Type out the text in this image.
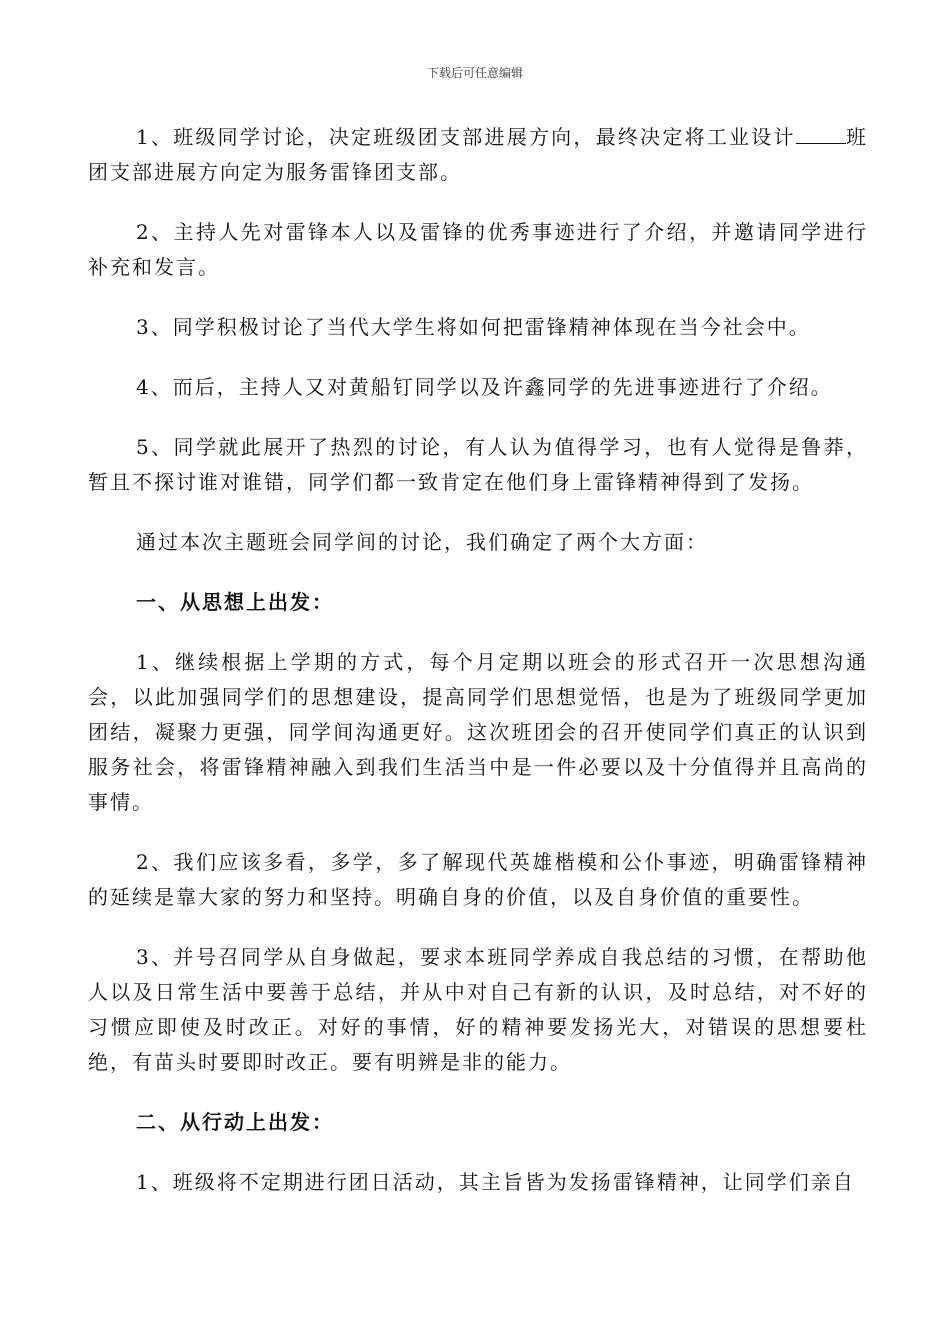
下载后可任意编辑

1、班级同学讨论，决定班级团支部进展方向，最终决定将工业设计	班团支部进展方向定为服务雷锋团支部。

2、主持人先对雷锋本人以及雷锋的优秀事迹进行了介绍，并邀请同学进行补充和发言。

3、同学积极讨论了当代大学生将如何把雷锋精神体现在当今社会中。

4、而后，主持人又对黄船钉同学以及许鑫同学的先进事迹进行了介绍。

5、同学就此展开了热烈的讨论，有人认为值得学习，也有人觉得是鲁莽，暂且不探讨谁对谁错，同学们都一致肯定在他们身上雷锋精神得到了发扬。

通过本次主题班会同学间的讨论，我们确定了两个大方面：

一、从思想上出发：

1、继续根据上学期的方式，每个月定期以班会的形式召开一次思想沟通会，以此加强同学们的思想建设，提高同学们思想觉悟，也是为了班级同学更加团结，凝聚力更强，同学间沟通更好。这次班团会的召开使同学们真正的认识到服务社会，将雷锋精神融入到我们生活当中是一件必要以及十分值得并且高尚的事情。

2、我们应该多看，多学，多了解现代英雄楷模和公仆事迹，明确雷锋精神的延续是靠大家的努力和坚持。明确自身的价值，以及自身价值的重要性。

3、并号召同学从自身做起，要求本班同学养成自我总结的习惯，在帮助他人以及日常生活中要善于总结，并从中对自己有新的认识，及时总结，对不好的习惯应即使及时改正。对好的事情，好的精神要发扬光大，对错误的思想要杜绝，有苗头时要即时改正。要有明辨是非的能力。

二、从行动上出发：

1、班级将不定期进行团日活动，其主旨皆为发扬雷锋精神，让同学们亲自
